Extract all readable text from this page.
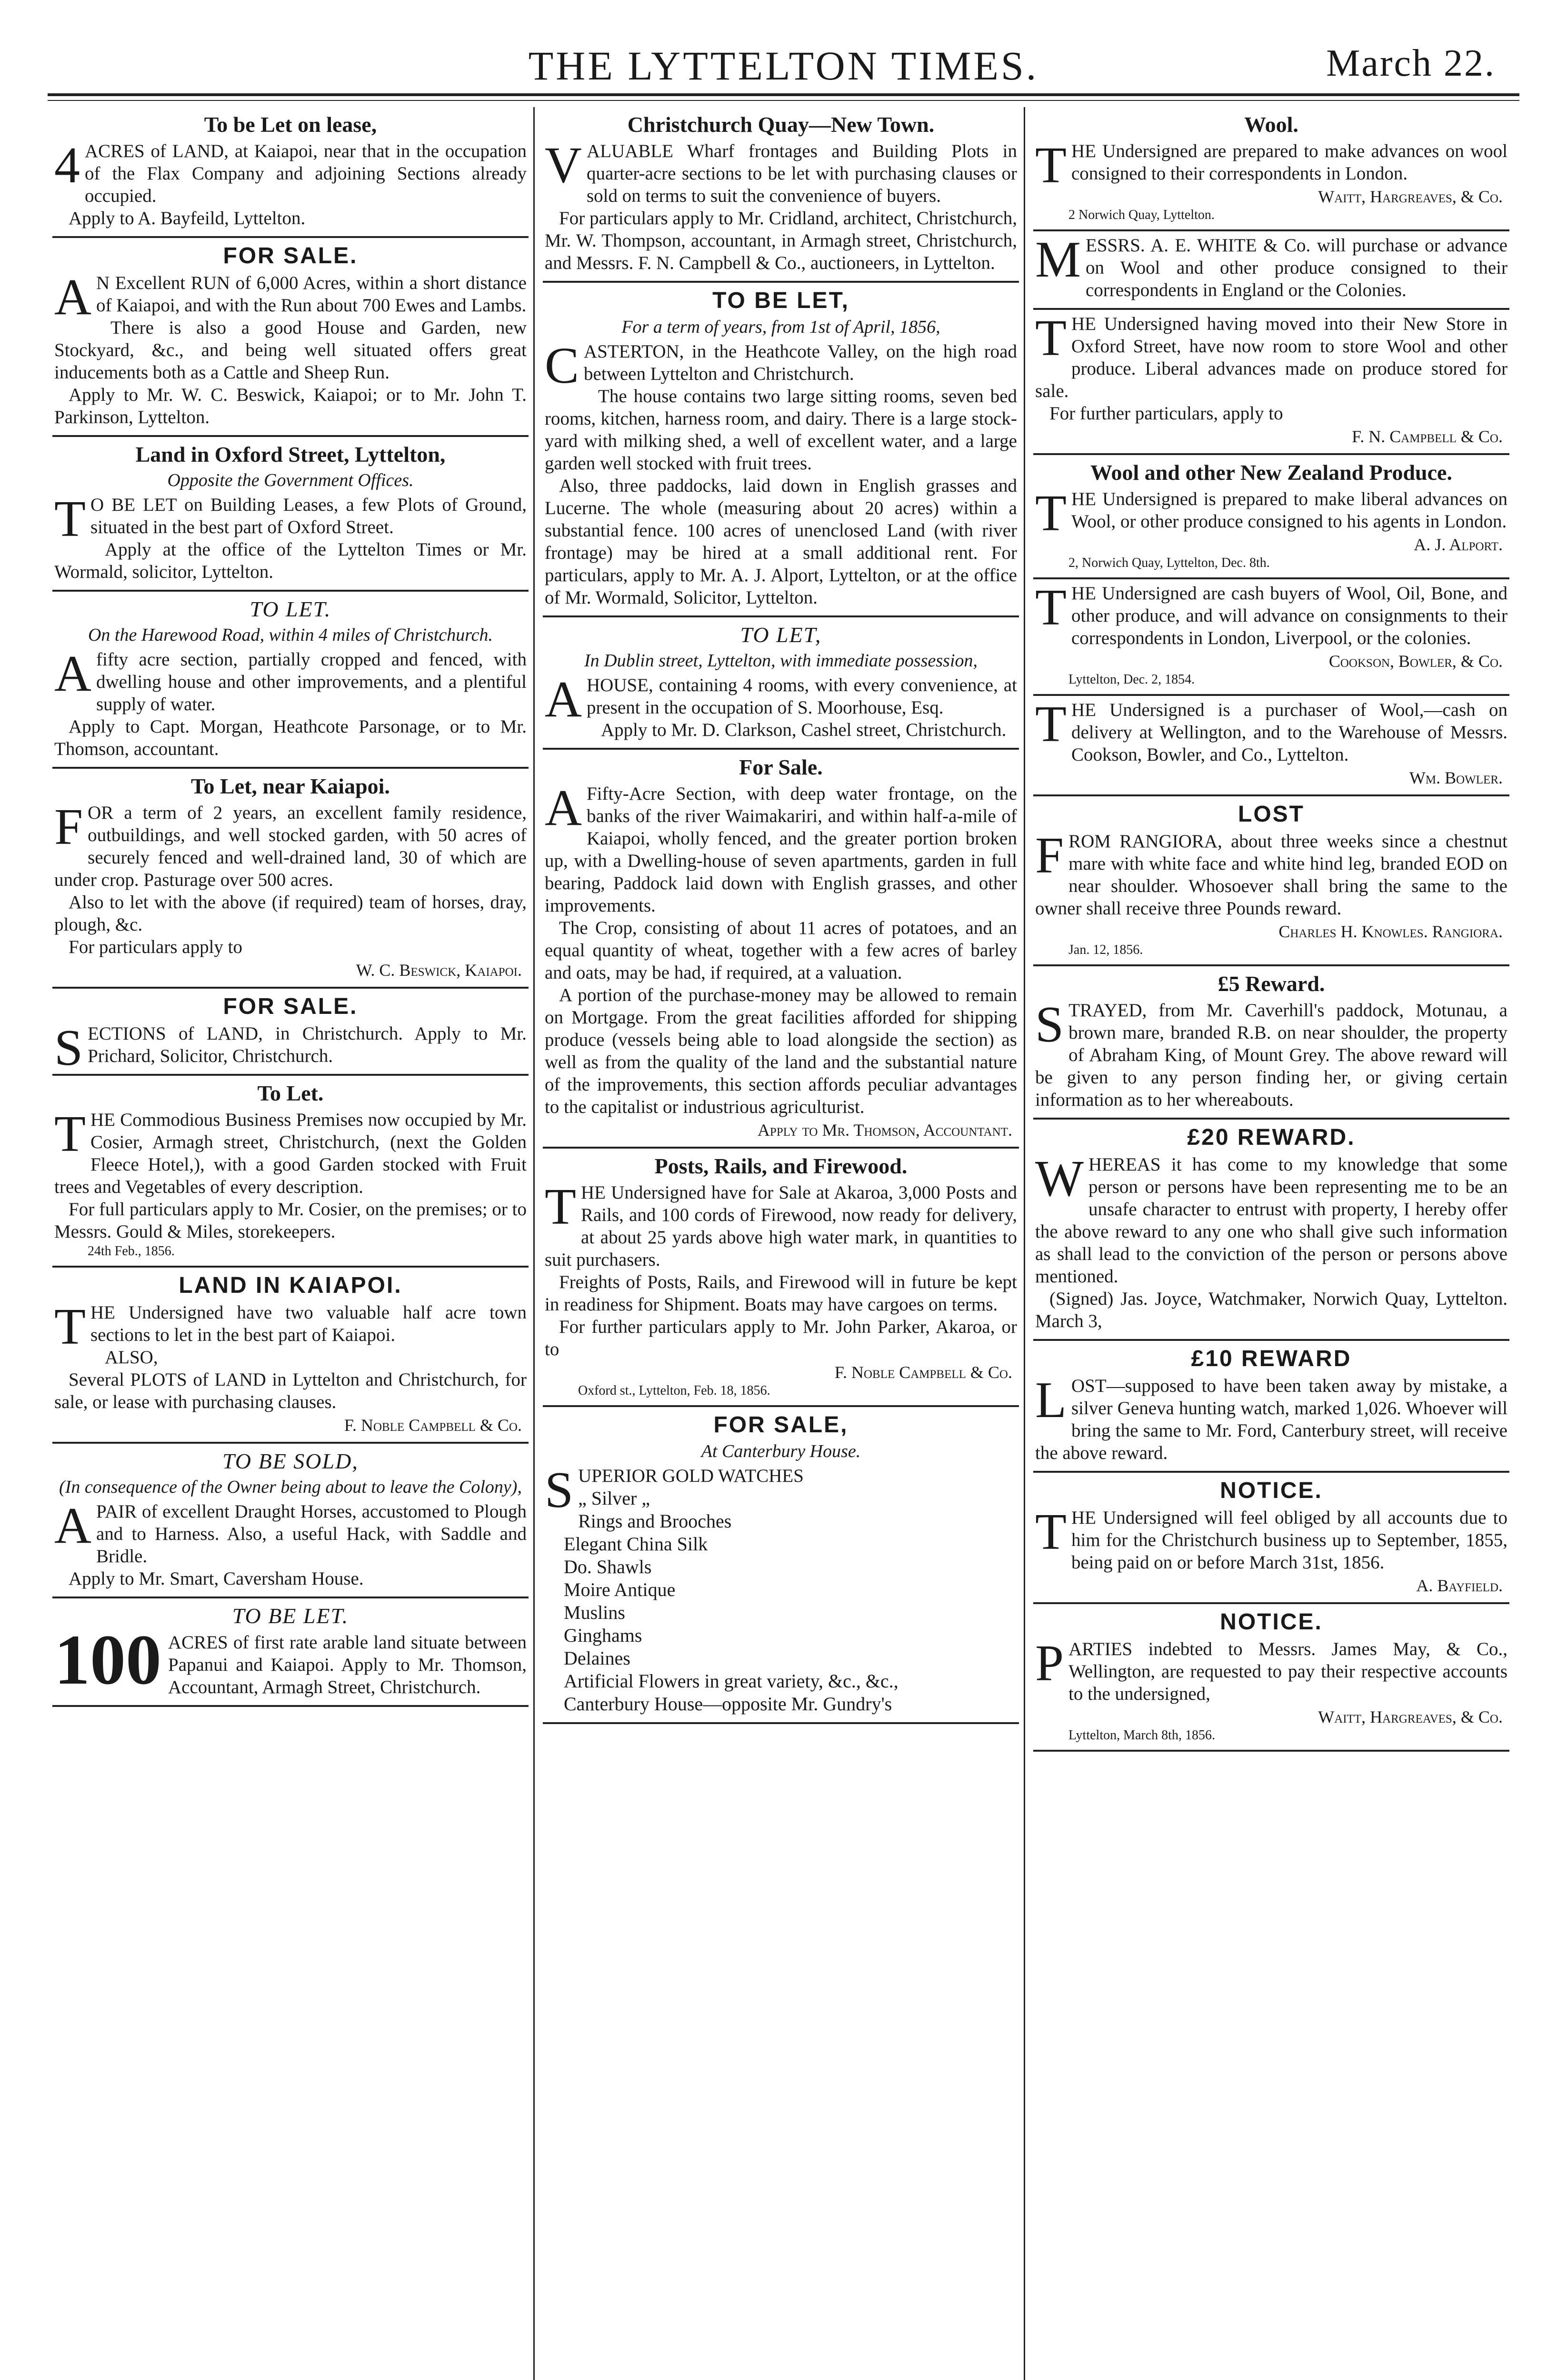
THE LYTTELTON TIMES.	March 22.
To be Let on lease,

4 ACRES of LAND, at Kaiapoi, near that in the occupation of the Flax Company and adjoining Sections already occupied.

Apply to A. Bayfeild, Lyttelton.

FOR SALE.

A N Excellent RUN of 6,000 Acres, within a short distance of Kaiapoi, and with the Run about 700 Ewes and Lambs.

There is also a good House and Garden, new Stockyard, &c., and being well situated offers great inducements both as a Cattle and Sheep Run.

Apply to Mr. W. C. Beswick, Kaiapoi; or to Mr. John T. Parkinson, Lyttelton.

Land in Oxford Street, Lyttelton,
Opposite the Government Offices.

T O BE LET on Building Leases, a few Plots of Ground, situated in the best part of Oxford Street.

Apply at the office of the Lyttelton Times or Mr. Wormald, solicitor, Lyttelton.

TO LET.
On the Harewood Road, within 4 miles of Christchurch.

Afifty acre section, partially cropped and fenced, with dwelling house and other improvements, and a plentiful supply of water.

Apply to Capt. Morgan, Heathcote Parsonage, or to Mr. Thomson, accountant.

To Let, near Kaiapoi.

FOR a term of 2 years, an excellent family residence, outbuildings, and well stocked garden, with 50 acres of securely fenced and well-drained land, 30 of which are under crop. Pasturage over 500 acres.

Also to let with the above (if required) team of horses, dray, plough, &c.

For particulars apply to

W. C. Beswick, Kaiapoi.
FOR SALE.

SECTIONS of LAND, in Christchurch. Apply to Mr. Prichard, Solicitor, Christchurch.

To Let.

THE Commodious Business Premises now occupied by Mr. Cosier, Armagh street, Christchurch, (next the Golden Fleece Hotel,), with a good Garden stocked with Fruit trees and Vegetables of every description.

For full particulars apply to Mr. Cosier, on the premises; or to Messrs. Gould & Miles, storekeepers.

24th Feb., 1856.
LAND IN KAIAPOI.

THE Undersigned have two valuable half acre town sections to let in the best part of Kaiapoi.

ALSO,

Several PLOTS of LAND in Lyttelton and Christchurch, for sale, or lease with purchasing clauses.

F. Noble Campbell & Co.
TO BE SOLD,
(In consequence of the Owner being about to leave the Colony),

APAIR of excellent Draught Horses, accustomed to Plough and to Harness. Also, a useful Hack, with Saddle and Bridle.

Apply to Mr. Smart, Caversham House.

TO BE LET.

100 ACRES of first rate arable land situate between Papanui and Kaiapoi. Apply to Mr. Thomson, Accountant, Armagh Street, Christchurch.

Christchurch Quay—New Town.

VALUABLE Wharf frontages and Building Plots in quarter-acre sections to be let with purchasing clauses or sold on terms to suit the convenience of buyers.

For particulars apply to Mr. Cridland, architect, Christchurch, Mr. W. Thompson, accountant, in Armagh street, Christchurch, and Messrs. F. N. Campbell & Co., auctioneers, in Lyttelton.

TO BE LET,
For a term of years, from 1st of April, 1856,

CASTERTON, in the Heathcote Valley, on the high road between Lyttelton and Christchurch.

The house contains two large sitting rooms, seven bed rooms, kitchen, harness room, and dairy. There is a large stock-yard with milking shed, a well of excellent water, and a large garden well stocked with fruit trees.

Also, three paddocks, laid down in English grasses and Lucerne. The whole (measuring about 20 acres) within a substantial fence. 100 acres of unenclosed Land (with river frontage) may be hired at a small additional rent. For particulars, apply to Mr. A. J. Alport, Lyttelton, or at the office of Mr. Wormald, Solicitor, Lyttelton.

TO LET,
In Dublin street, Lyttelton, with immediate possession,

AHOUSE, containing 4 rooms, with every convenience, at present in the occupation of S. Moorhouse, Esq.

Apply to Mr. D. Clarkson, Cashel street, Christchurch.

For Sale.

A Fifty-Acre Section, with deep water frontage, on the banks of the river Waimakariri, and within half-a-mile of Kaiapoi, wholly fenced, and the greater portion broken up, with a Dwelling-house of seven apartments, garden in full bearing, Paddock laid down with English grasses, and other improvements.

The Crop, consisting of about 11 acres of potatoes, and an equal quantity of wheat, together with a few acres of barley and oats, may be had, if required, at a valuation.

A portion of the purchase-money may be allowed to remain on Mortgage. From the great facilities afforded for shipping produce (vessels being able to load alongside the section) as well as from the quality of the land and the substantial nature of the improvements, this section affords peculiar advantages to the capitalist or industrious agriculturist.

Apply to Mr. Thomson, Accountant.
Posts, Rails, and Firewood.

THE Undersigned have for Sale at Akaroa, 3,000 Posts and Rails, and 100 cords of Firewood, now ready for delivery, at about 25 yards above high water mark, in quantities to suit purchasers.

Freights of Posts, Rails, and Firewood will in future be kept in readiness for Shipment. Boats may have cargoes on terms.

For further particulars apply to Mr. John Parker, Akaroa, or to

F. Noble Campbell & Co.
Oxford st., Lyttelton, Feb. 18, 1856.
FOR SALE,
At Canterbury House.

SUPERIOR GOLD WATCHES

„ Silver „
Rings and Brooches
Elegant China Silk
Do. Shawls
Moire Antique
Muslins
Ginghams
Delaines
Artificial Flowers in great variety, &c., &c.,
Canterbury House—opposite Mr. Gundry's
Wool.

THE Undersigned are prepared to make advances on wool consigned to their correspondents in London.

Waitt, Hargreaves, & Co.
2 Norwich Quay, Lyttelton.

MESSRS. A. E. WHITE & Co. will purchase or advance on Wool and other produce consigned to their correspondents in England or the Colonies.

THE Undersigned having moved into their New Store in Oxford Street, have now room to store Wool and other produce. Liberal advances made on produce stored for sale.

For further particulars, apply to

F. N. Campbell & Co.
Wool and other New Zealand Produce.

THE Undersigned is prepared to make liberal advances on Wool, or other produce consigned to his agents in London.

A. J. Alport.
2, Norwich Quay, Lyttelton, Dec. 8th.

THE Undersigned are cash buyers of Wool, Oil, Bone, and other produce, and will advance on consignments to their correspondents in London, Liverpool, or the colonies.

Cookson, Bowler, & Co.
Lyttelton, Dec. 2, 1854.

THE Undersigned is a purchaser of Wool,—cash on delivery at Wellington, and to the Warehouse of Messrs. Cookson, Bowler, and Co., Lyttelton.

Wm. Bowler.
LOST

FROM RANGIORA, about three weeks since a chestnut mare with white face and white hind leg, branded EOD on near shoulder. Whosoever shall bring the same to the owner shall receive three Pounds reward.

Charles H. Knowles. Rangiora.
Jan. 12, 1856.
£5 Reward.

STRAYED, from Mr. Caverhill's paddock, Motunau, a brown mare, branded R.B. on near shoulder, the property of Abraham King, of Mount Grey. The above reward will be given to any person finding her, or giving certain information as to her whereabouts.

£20 REWARD.

WHEREAS it has come to my knowledge that some person or persons have been representing me to be an unsafe character to entrust with property, I hereby offer the above reward to any one who shall give such information as shall lead to the conviction of the person or persons above mentioned.

(Signed) Jas. Joyce, Watchmaker, Norwich Quay, Lyttelton. March 3,

£10 REWARD

LOST—supposed to have been taken away by mistake, a silver Geneva hunting watch, marked 1,026. Whoever will bring the same to Mr. Ford, Canterbury street, will receive the above reward.

NOTICE.

THE Undersigned will feel obliged by all accounts due to him for the Christchurch business up to September, 1855, being paid on or before March 31st, 1856.

A. Bayfield.
NOTICE.

PARTIES indebted to Messrs. James May, & Co., Wellington, are requested to pay their respective accounts to the undersigned,

Waitt, Hargreaves, & Co.
Lyttelton, March 8th, 1856.
